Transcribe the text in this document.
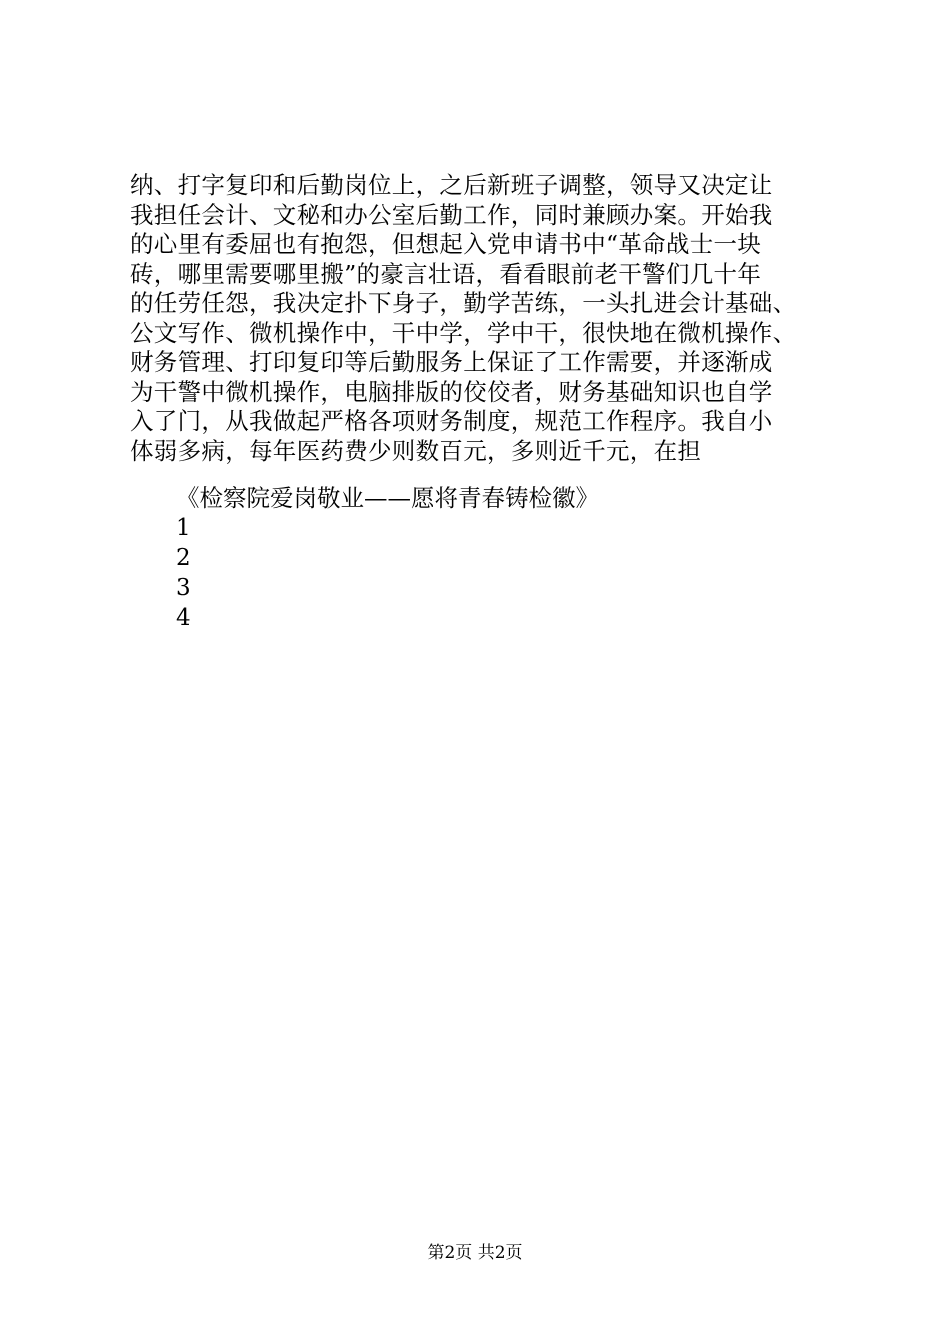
纳、打字复印和后勤岗位上，之后新班子调整，领导又决定让
我担任会计、文秘和办公室后勤工作，同时兼顾办案。开始我
的心里有委屈也有抱怨，但想起入党申请书中“革命战士一块
砖，哪里需要哪里搬”的豪言壮语，看看眼前老干警们几十年
的任劳任怨，我决定扑下身子，勤学苦练，一头扎进会计基础、
公文写作、微机操作中，干中学，学中干，很快地在微机操作、
财务管理、打印复印等后勤服务上保证了工作需要，并逐渐成
为干警中微机操作，电脑排版的佼佼者，财务基础知识也自学
入了门，从我做起严格各项财务制度，规范工作程序。我自小
体弱多病，每年医药费少则数百元，多则近千元，在担
《检察院爱岗敬业——愿将青春铸检徽》
1
2
3
4
第2页 共2页
